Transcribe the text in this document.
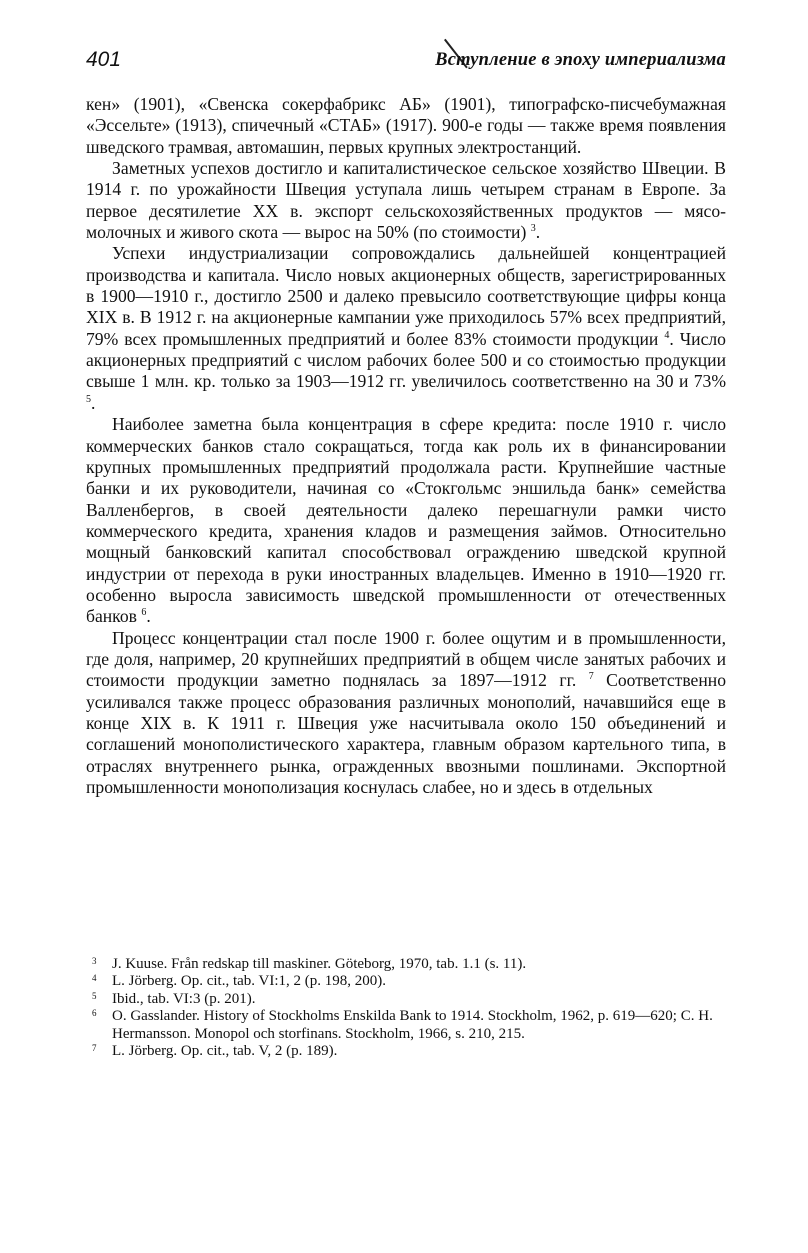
401	Вступление в эпоху империализма

кен» (1901), «Свенска сокерфабрикс АБ» (1901), типографско-писчебумажная «Эссельте» (1913), спичечный «СТАБ» (1917). 900-е годы — также время появления шведского трамвая, автомашин, первых крупных электростанций.

Заметных успехов достигло и капиталистическое сельское хозяйство Швеции. В 1914 г. по урожайности Швеция уступала лишь четырем странам в Европе. За первое десятилетие XX в. экспорт сельскохозяйственных продуктов — мясо-молочных и живого скота — вырос на 50% (по стоимости) $^3$.

Успехи индустриализации сопровождались дальнейшей концентрацией производства и капитала. Число новых акционерных обществ, зарегистрированных в 1900—1910 г., достигло 2500 и далеко превысило соответствующие цифры конца XIX в. В 1912 г. на акционерные кампании уже приходилось 57% всех предприятий, 79% всех промышленных предприятий и более 83% стоимости продукции $^4$. Число акционерных предприятий с числом рабочих более 500 и со стоимостью продукции свыше 1 млн. кр. только за 1903—1912 гг. увеличилось соответственно на 30 и 73% $^5$.

Наиболее заметна была концентрация в сфере кредита: после 1910 г. число коммерческих банков стало сокращаться, тогда как роль их в финансировании крупных промышленных предприятий продолжала расти. Крупнейшие частные банки и их руководители, начиная со «Стокгольмс эншильда банк» семейства Валленбергов, в своей деятельности далеко перешагнули рамки чисто коммерческого кредита, хранения кладов и размещения займов. Относительно мощный банковский капитал способствовал ограждению шведской крупной индустрии от перехода в руки иностранных владельцев. Именно в 1910—1920 гг. особенно выросла зависимость шведской промышленности от отечественных банков $^6$.

Процесс концентрации стал после 1900 г. более ощутим и в промышленности, где доля, например, 20 крупнейших предприятий в общем числе занятых рабочих и стоимости продукции заметно поднялась за 1897—1912 гг. $^7$ Соответственно усиливался также процесс образования различных монополий, начавшийся еще в конце XIX в. К 1911 г. Швеция уже насчитывала около 150 объединений и соглашений монополистического характера, главным образом картельного типа, в отраслях внутреннего рынка, огражденных ввозными пошлинами. Экспортной промышленности монополизация коснулась слабее, но и здесь в отдельных

3 J. Kuuse. Från redskap till maskiner. Göteborg, 1970, tab. 1.1 (s. 11).
4 L. Jörberg. Op. cit., tab. VI:1, 2 (p. 198, 200).
5 Ibid., tab. VI:3 (p. 201).
6 O. Gasslander. History of Stockholms Enskilda Bank to 1914. Stockholm, 1962, p. 619—620; C. H. Hermansson. Monopol och storfinans. Stockholm, 1966, s. 210, 215.
7 L. Jörberg. Op. cit., tab. V, 2 (p. 189).
